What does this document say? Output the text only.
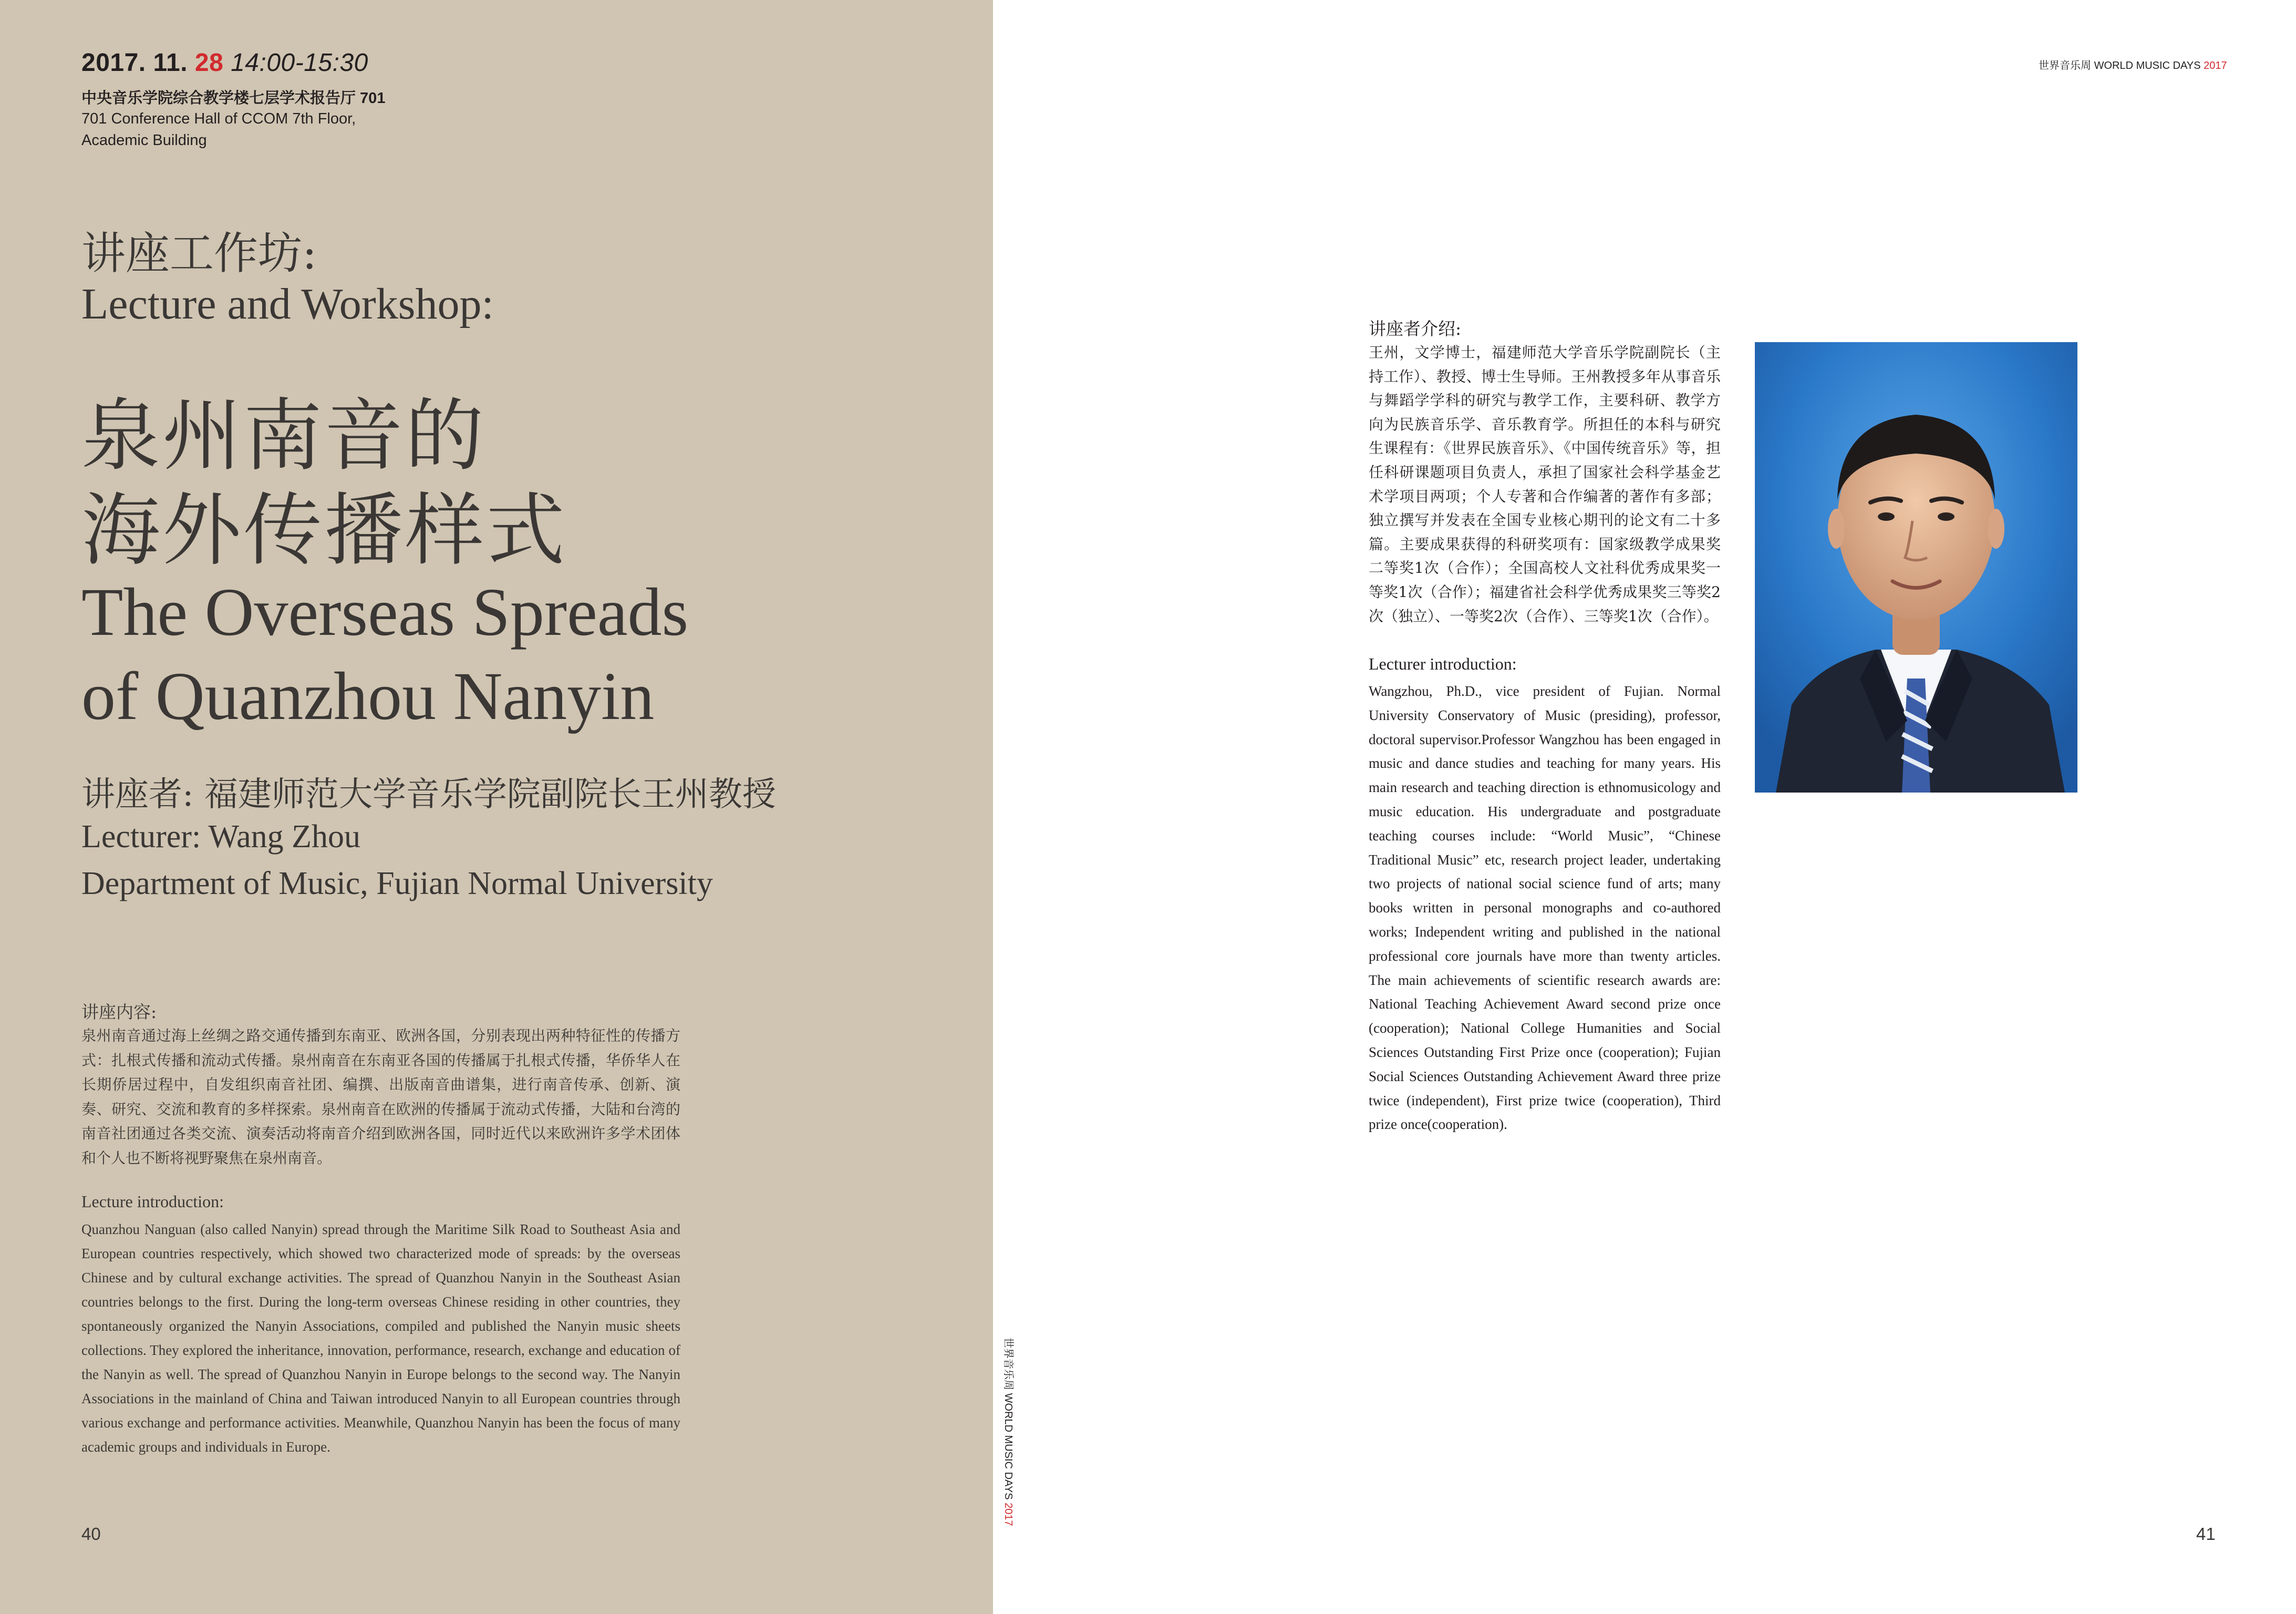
2017. 11. 28 14:00-15:30
中央音乐学院综合教学楼七层学术报告厅 701
701 Conference Hall of CCOM 7th Floor,
Academic Building
讲座工作坊:
Lecture and Workshop:
泉州南音的
海外传播样式
The Overseas Spreads
of Quanzhou Nanyin
讲座者: 福建师范大学音乐学院副院长王州教授
Lecturer: Wang Zhou
Department of Music, Fujian Normal University
讲座内容:
泉州南音通过海上丝绸之路交通传播到东南亚、欧洲各国，分别表现出两种特征性的传播方式：扎根式传播和流动式传播。泉州南音在东南亚各国的传播属于扎根式传播，华侨华人在长期侨居过程中，自发组织南音社团、编撰、出版南音曲谱集，进行南音传承、创新、演奏、研究、交流和教育的多样探索。泉州南音在欧洲的传播属于流动式传播，大陆和台湾的南音社团通过各类交流、演奏活动将南音介绍到欧洲各国，同时近代以来欧洲许多学术团体和个人也不断将视野聚焦在泉州南音。
Lecture introduction:
Quanzhou Nanguan (also called Nanyin) spread through the Maritime Silk Road to Southeast Asia and European countries respectively, which showed two characterized mode of spreads: by the overseas Chinese and by cultural exchange activities. The spread of Quanzhou Nanyin in the Southeast Asian countries belongs to the first. During the long-term overseas Chinese residing in other countries, they spontaneously organized the Nanyin Associations, compiled and published the Nanyin music sheets collections. They explored the inheritance, innovation, performance, research, exchange and education of the Nanyin as well. The spread of Quanzhou Nanyin in Europe belongs to the second way. The Nanyin Associations in the mainland of China and Taiwan introduced Nanyin to all European countries through various exchange and performance activities. Meanwhile, Quanzhou Nanyin has been the focus of many academic groups and individuals in Europe.
40
世界音乐周 WORLD MUSIC DAYS 2017
世界音乐周 WORLD MUSIC DAYS 2017
讲座者介绍:
王州，文学博士，福建师范大学音乐学院副院长（主持工作）、教授、博士生导师。王州教授多年从事音乐与舞蹈学学科的研究与教学工作，主要科研、教学方向为民族音乐学、音乐教育学。所担任的本科与研究生课程有：《世界民族音乐》、《中国传统音乐》等，担任科研课题项目负责人，承担了国家社会科学基金艺术学项目两项；个人专著和合作编著的著作有多部；独立撰写并发表在全国专业核心期刊的论文有二十多篇。主要成果获得的科研奖项有：国家级教学成果奖二等奖1次（合作）；全国高校人文社科优秀成果奖一等奖1次（合作）；福建省社会科学优秀成果奖三等奖2次（独立）、一等奖2次（合作）、三等奖1次（合作）。
Lecturer introduction:
Wangzhou, Ph.D., vice president of Fujian. Normal University Conservatory of Music (presiding), professor, doctoral supervisor.Professor Wangzhou has been engaged in music and dance studies and teaching for many years. His main research and teaching direction is ethnomusicology and music education. His undergraduate and postgraduate teaching courses include: “World Music”, “Chinese Traditional Music” etc, research project leader, undertaking two projects of national social science fund of arts; many books written in personal monographs and co-authored works; Independent writing and published in the national professional core journals have more than twenty articles. The main achievements of scientific research awards are: National Teaching Achievement Award second prize once (cooperation); National College Humanities and Social Sciences Outstanding First Prize once (cooperation); Fujian Social Sciences Outstanding Achievement Award three prize twice (independent), First prize twice (cooperation), Third prize once(cooperation).
41
